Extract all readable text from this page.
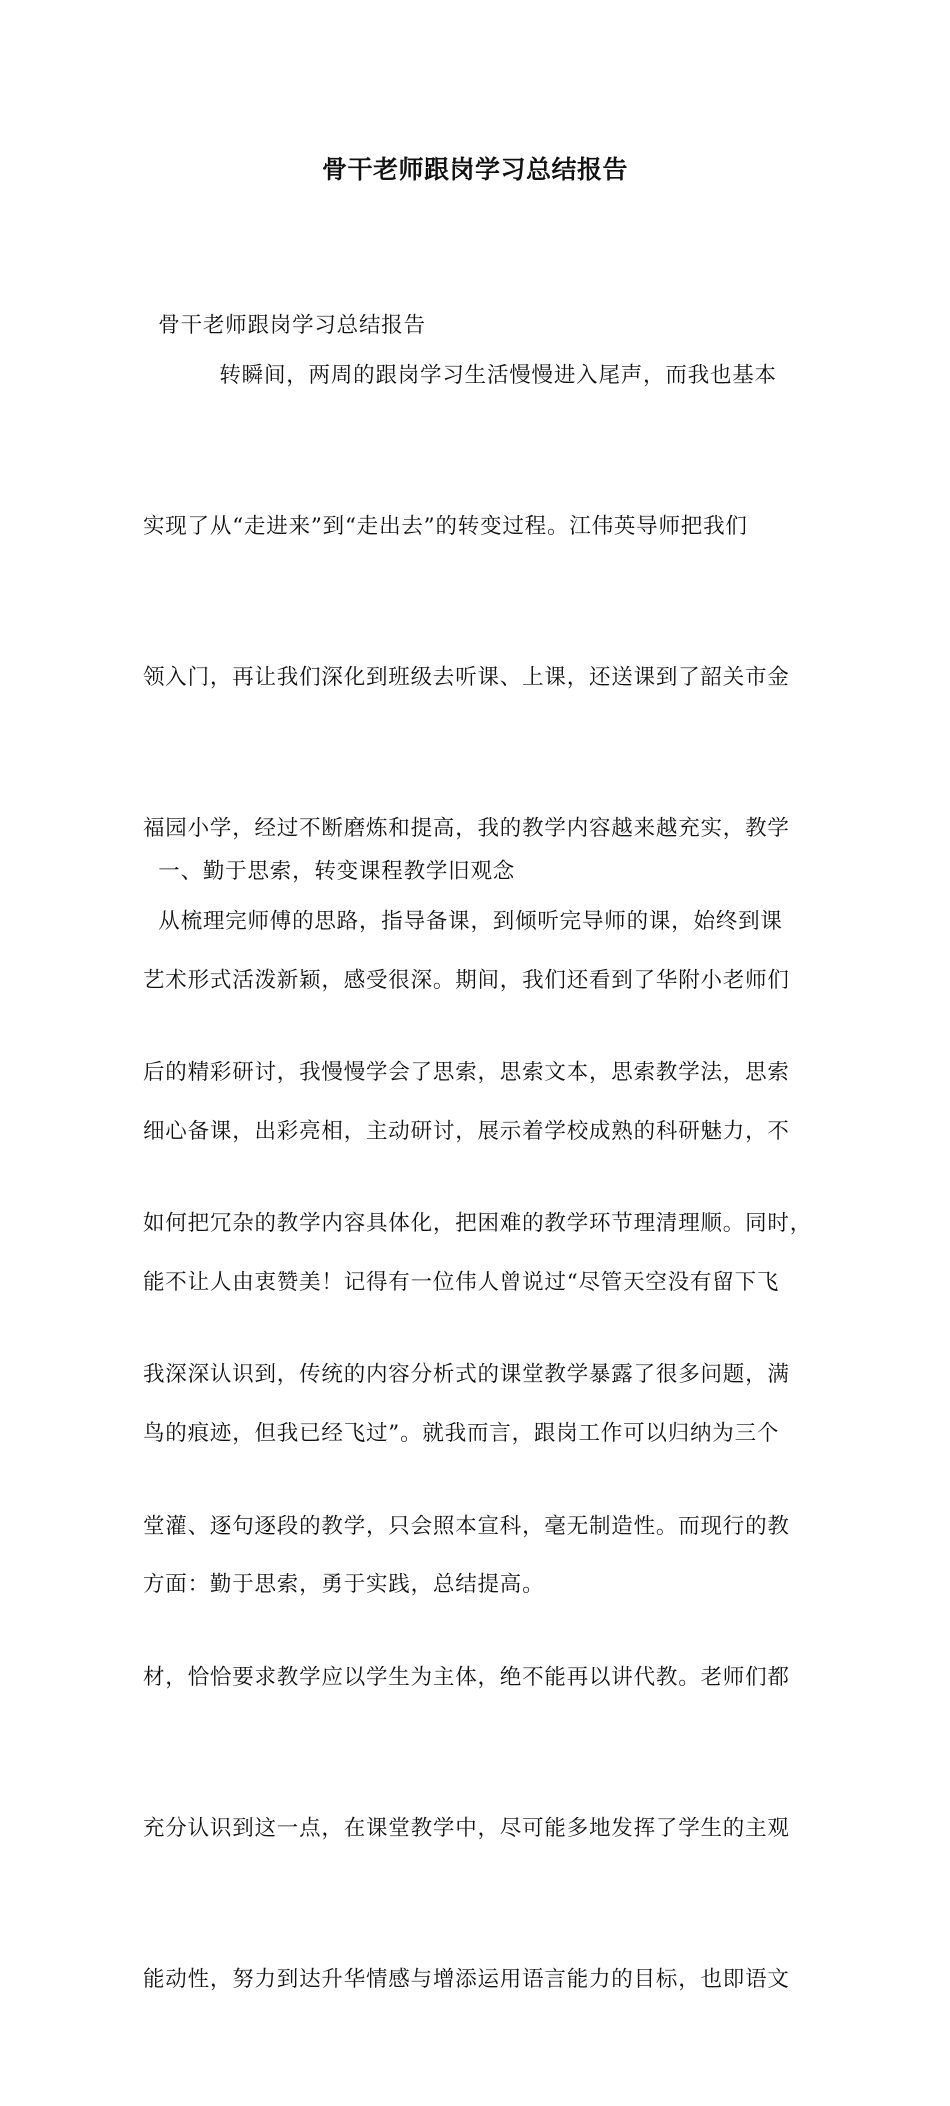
骨干老师跟岗学习总结报告

骨干老师跟岗学习总结报告

转瞬间，两周的跟岗学习生活慢慢进入尾声，而我也基本

实现了从“走进来”到“走出去”的转变过程。江伟英导师把我们

领入门，再让我们深化到班级去听课、上课，还送课到了韶关市金

福园小学，经过不断磨炼和提高，我的教学内容越来越充实，教学

艺术形式活泼新颖，感受很深。期间，我们还看到了华附小老师们

细心备课，出彩亮相，主动研讨，展示着学校成熟的科研魅力，不

能不让人由衷赞美！记得有一位伟人曾说过“尽管天空没有留下飞

鸟的痕迹，但我已经飞过”。就我而言，跟岗工作可以归纳为三个

方面：勤于思索，勇于实践，总结提高。

一、勤于思索，转变课程教学旧观念

从梳理完师傅的思路，指导备课，到倾听完导师的课，始终到课

后的精彩研讨，我慢慢学会了思索，思索文本，思索教学法，思索

如何把冗杂的教学内容具体化，把困难的教学环节理清理顺。同时，

我深深认识到，传统的内容分析式的课堂教学暴露了很多问题，满

堂灌、逐句逐段的教学，只会照本宣科，毫无制造性。而现行的教

材，恰恰要求教学应以学生为主体，绝不能再以讲代教。老师们都

充分认识到这一点，在课堂教学中，尽可能多地发挥了学生的主观

能动性，努力到达升华情感与增添运用语言能力的目标，也即语文
